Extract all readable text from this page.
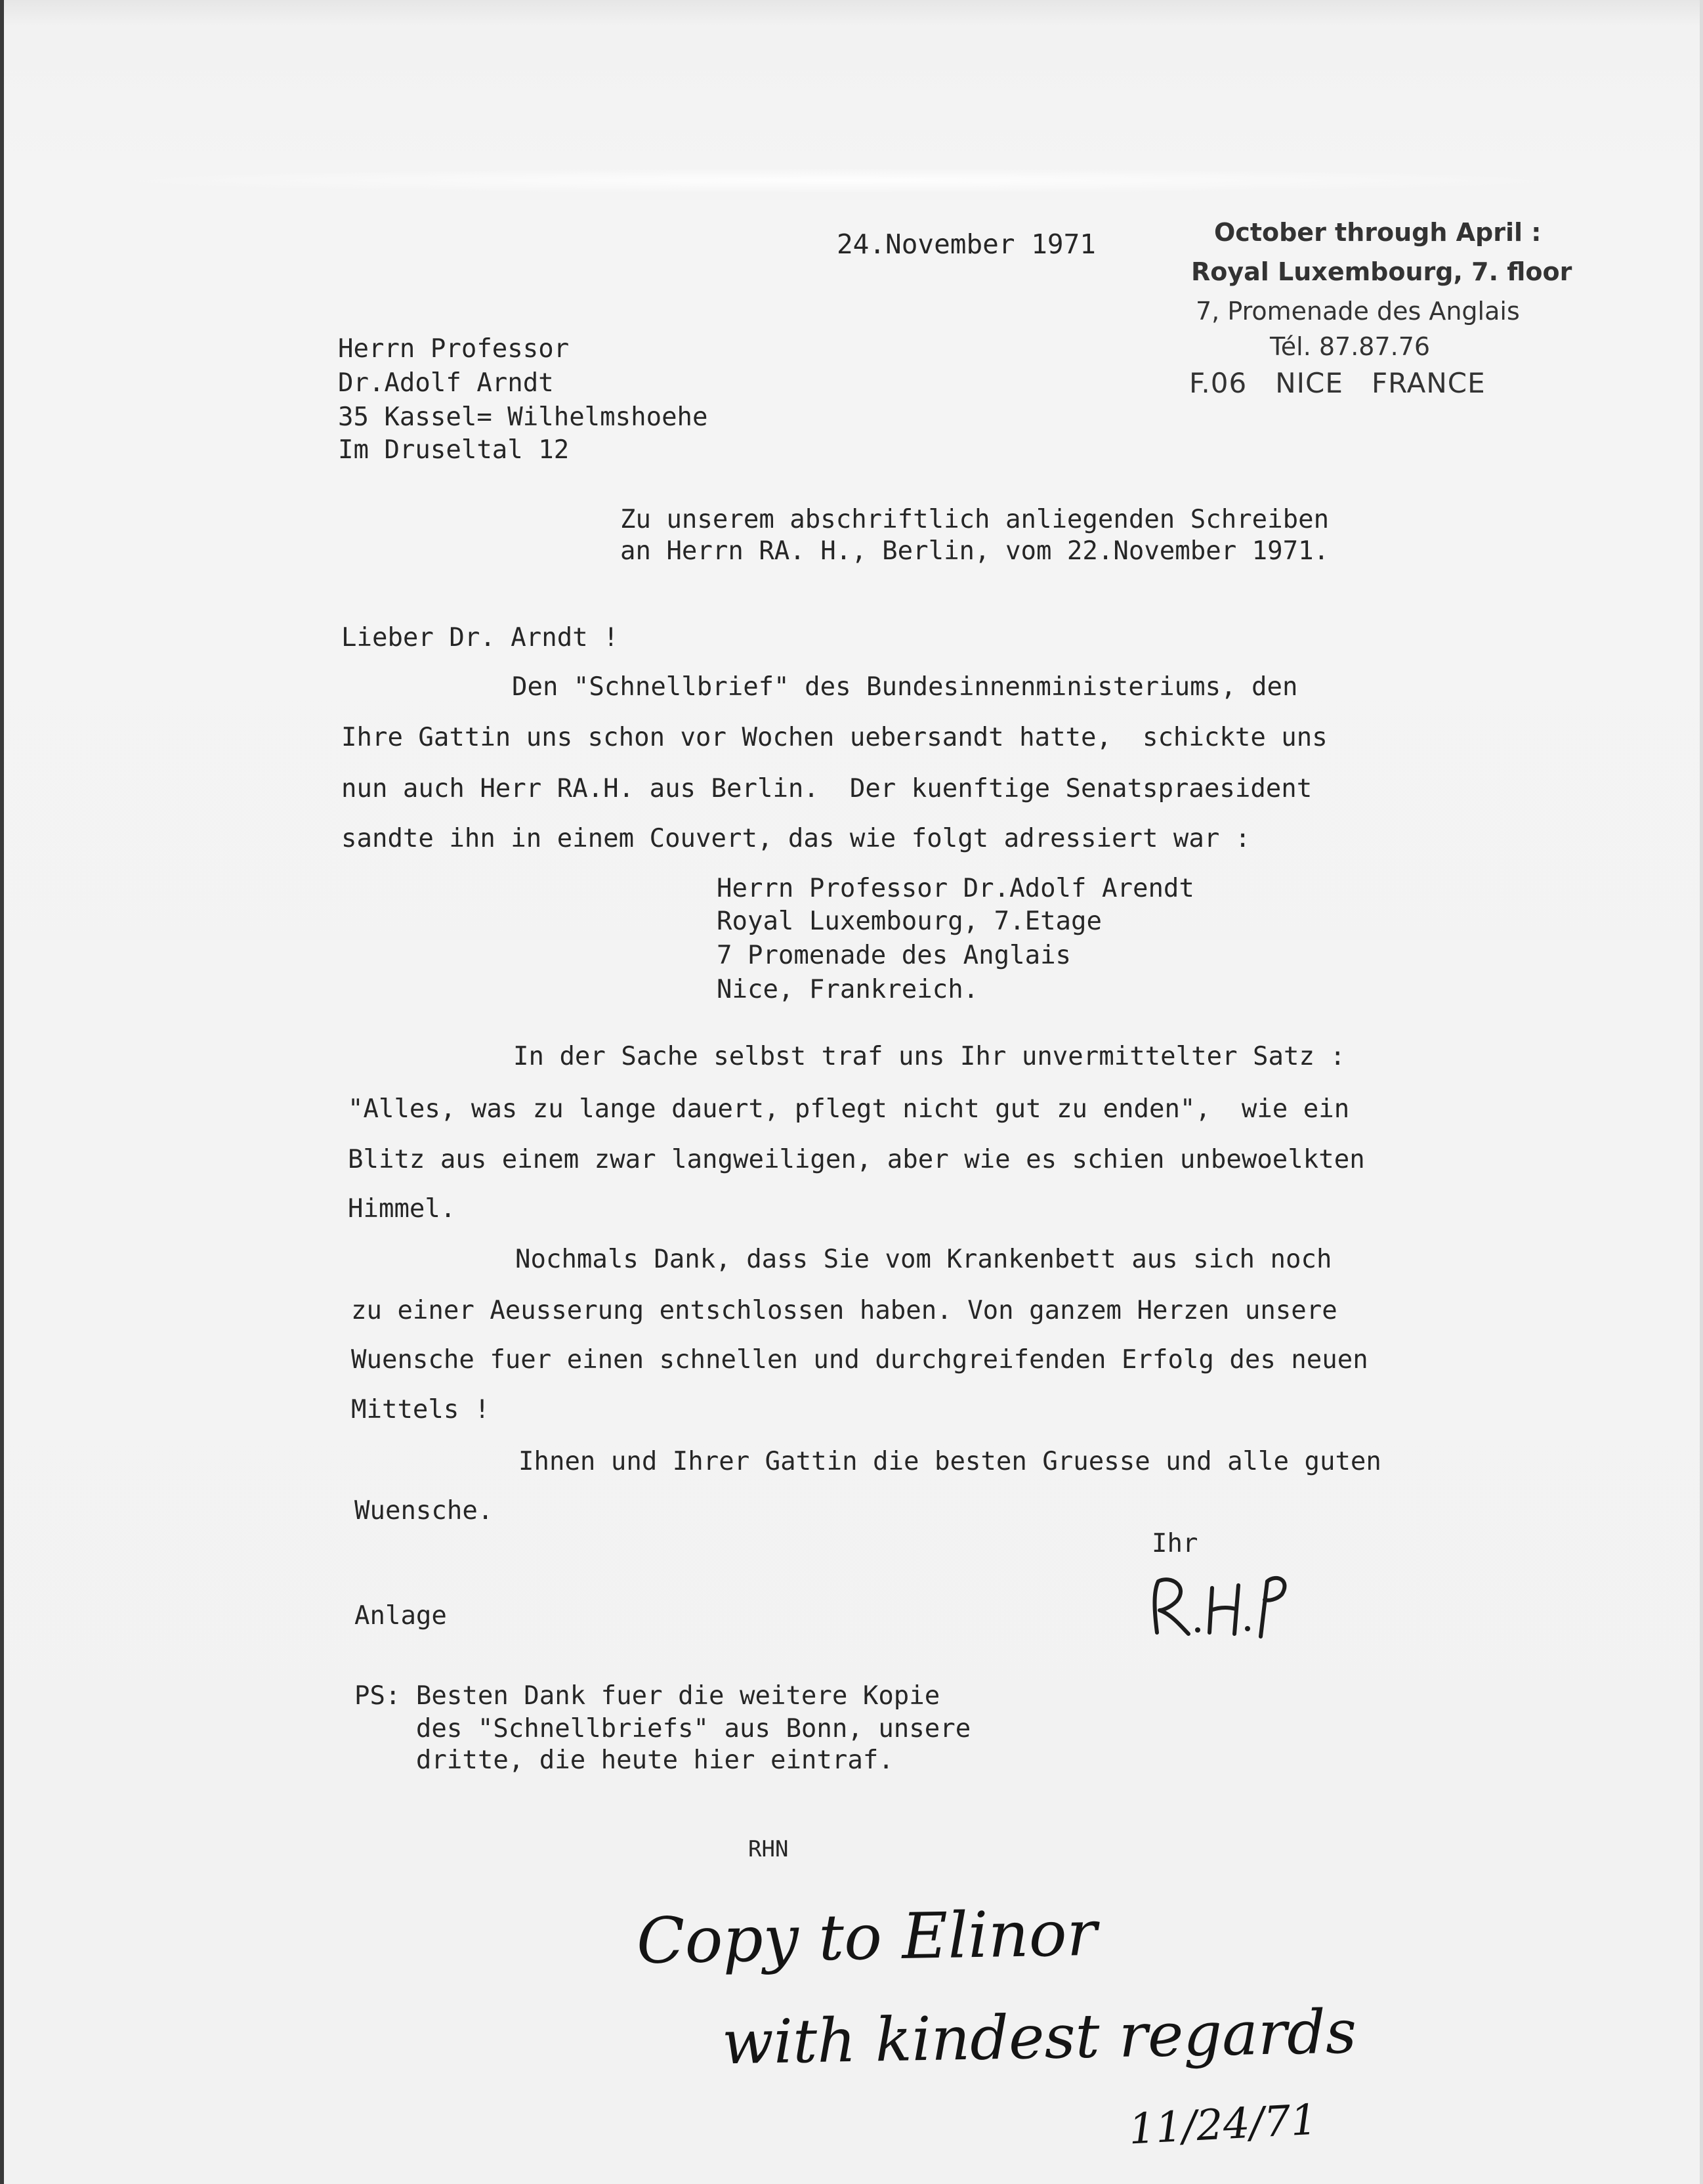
24.November 1971	October through April :
Royal Luxembourg, 7. floor
7, Promenade des Anglais
Tél. 87.87.76
F.06   NICE   FRANCE
Herrn Professor
Dr.Adolf Arndt
35 Kassel= Wilhelmshoehe
Im Druseltal 12
Zu unserem abschriftlich anliegenden Schreiben
an Herrn RA. H., Berlin, vom 22.November 1971.
Lieber Dr. Arndt !
Den "Schnellbrief" des Bundesinnenministeriums, den
Ihre Gattin uns schon vor Wochen uebersandt hatte,  schickte uns
nun auch Herr RA.H. aus Berlin.  Der kuenftige Senatspraesident
sandte ihn in einem Couvert, das wie folgt adressiert war :
Herrn Professor Dr.Adolf Arendt
Royal Luxembourg, 7.Etage
7 Promenade des Anglais
Nice, Frankreich.
In der Sache selbst traf uns Ihr unvermittelter Satz :
"Alles, was zu lange dauert, pflegt nicht gut zu enden",  wie ein
Blitz aus einem zwar langweiligen, aber wie es schien unbewoelkten
Himmel.
Nochmals Dank, dass Sie vom Krankenbett aus sich noch
zu einer Aeusserung entschlossen haben. Von ganzem Herzen unsere
Wuensche fuer einen schnellen und durchgreifenden Erfolg des neuen
Mittels !
Ihnen und Ihrer Gattin die besten Gruesse und alle guten
Wuensche.
Ihr
Anlage
PS: Besten Dank fuer die weitere Kopie
des "Schnellbriefs" aus Bonn, unsere
dritte, die heute hier eintraf.
RHN
Copy to Elinor
with kindest regards
11/24/71
